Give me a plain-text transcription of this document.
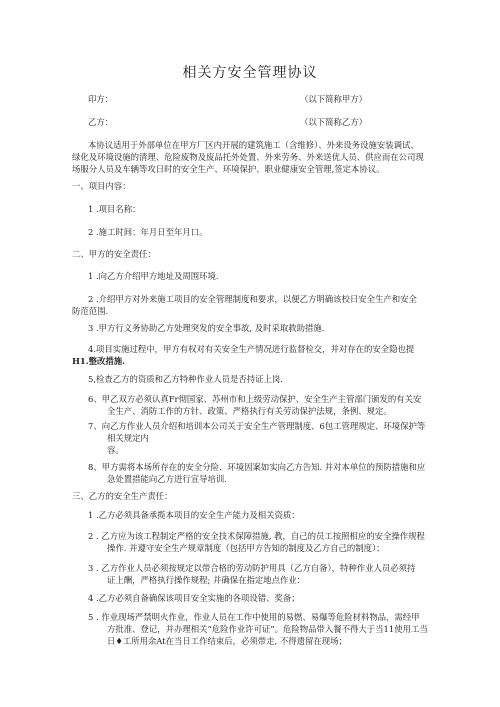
相关方安全管理协议
印方：	（以下简称甲方）
乙方：	（以下简称乙方）
本协议适用于外部单位在甲方厂区内开展的建筑施工（含维修）、外来设务设施安装调试、
绿化及环境设施的清理、危险废物及废品托外处置、外来劳务、外来送优人员、供应而在公司现
场服分人员及车辆等攻日时的安全生产、环境保护、职业健康安全管理,签定本协议。
一、项目内容：
1 .项目名称：
2 .施工时间：年月日至年月口。
二、甲方的安全责任：
1 .向乙方介绍甲方地址及周围环境.
2 .介绍甲方对外来施工项目的安全管理制度和要求，以便乙方明确该校日安全生产和安全
防范范围.
3 .甲方行义务协助乙方处理突发的安全事故, 及时采取救助措施.
4.项目实施过程中，甲方有权对有关安全生产情况进行监督检交，并对存在的安全隐也提
H1.整改措施.
5,检查乙方的资质和乙方特种作业人员是否持证上岗.
6、甲乙双方必须认真Fr彻国家、苏州市和上级劳动保护、安全生产主管部门颁发的有关安
全生产、消防工作的方针、政策、严格执行有关劳动保护法规，条例、规定。
7、向乙方作业人员介绍和培训本公司关于安全生产管理制度、6包工管理规定、环境保护等
相关规定内
容。
8、甲方需将本场所存在的安全分险、环境因案如实向乙方告知. 并对本单位的预防措施和应
急处置措能向乙方进行宣导培训.
三、乙方的安全生产责任：
1 .乙方必须具备承揽本项目的安全生产能力及相关资质：
2 . 乙方应为该工程制定严格的安全技术保障措施, 教，自己的员工按照相应的安全操作规程
操作. 并遵守安全生产规章制度（包括甲方告知的制度及乙方自己的制度）；
3 . 乙方作业人员必须按规定以带合格的劳动防护用具（乙方自备），特种作业人员必须持
证上酬，严格执行操作规程; 并确保在指定地点作业：
4 .乙方必须自备确保该项目安全实施的各项设错、奖备；
5 . 作业现场严禁明火作业，作业人员在工作中使用的易燃、易爆等危险材料物品，需经甲
方批准、登记，并办理相关“危险作业许可证”。危险物品带入餐不得大于当11使用工当
日♦工所用余At在当日工作结束后，必须带走, 不得遗留在现场；
